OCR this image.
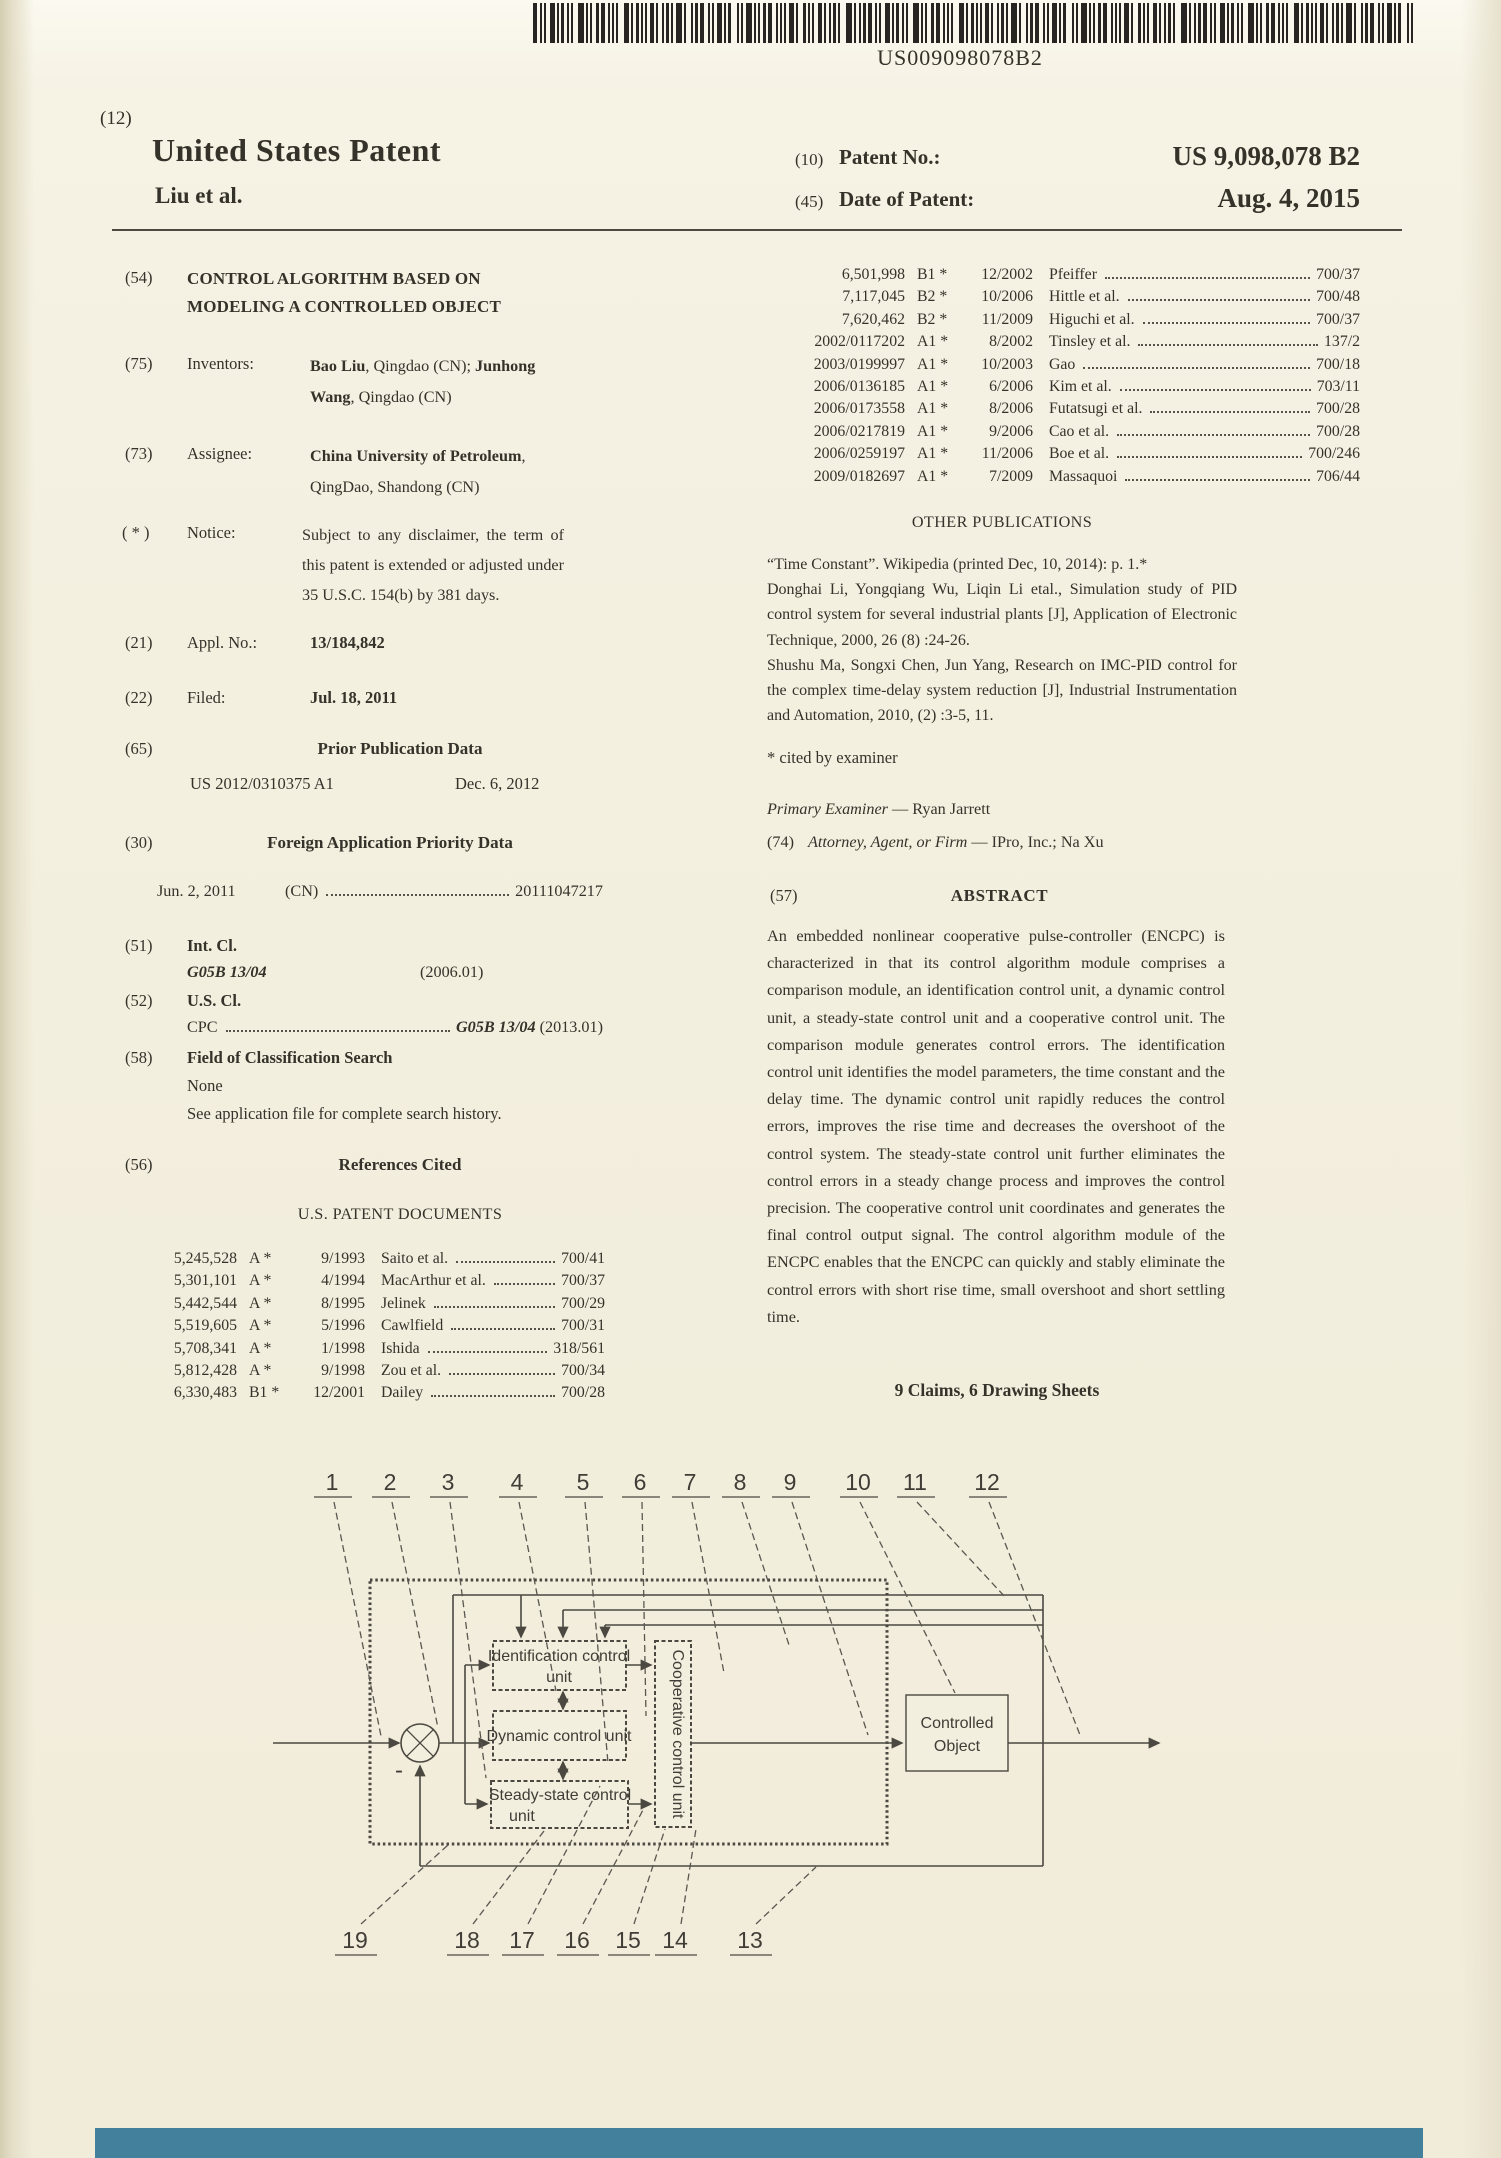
US009098078B2
(12)
United States Patent
Liu et al.
(10) Patent No.:	US 9,098,078 B2
(45) Date of Patent:	Aug. 4, 2015
(54) CONTROL ALGORITHM BASED ON
MODELING A CONTROLLED OBJECT
(75) Inventors:	Bao Liu, Qingdao (CN); Junhong Wang, Qingdao (CN)
(73) Assignee:	China University of Petroleum, QingDao, Shandong (CN)
( * ) Notice:	Subject to any disclaimer, the term of this patent is extended or adjusted under 35 U.S.C. 154(b) by 381 days.
(21) Appl. No.:	13/184,842
(22) Filed:	Jul. 18, 2011
(65)	Prior Publication Data
US 2012/0310375 A1	Dec. 6, 2012
(30)	Foreign Application Priority Data
Jun. 2, 2011	(CN)	20111047217
(51) Int. Cl.
G05B 13/04	(2006.01)
(52) U.S. Cl.
CPC	G05B 13/04 (2013.01)
(58) Field of Classification Search
None
See application file for complete search history.
(56)	References Cited
U.S. PATENT DOCUMENTS
5,245,528 A *	9/1993 Saito et al.	700/41
5,301,101 A *	4/1994 MacArthur et al.	700/37
5,442,544 A *	8/1995 Jelinek	700/29
5,519,605 A *	5/1996 Cawlfield	700/31
5,708,341 A *	1/1998 Ishida	318/561
5,812,428 A *	9/1998 Zou et al.	700/34
6,330,483 B1 *	12/2001 Dailey	700/28
6,501,998 B1 *	12/2002 Pfeiffer	700/37
7,117,045 B2 *	10/2006 Hittle et al.	700/48
7,620,462 B2 *	11/2009 Higuchi et al.	700/37
2002/0117202 A1 *	8/2002 Tinsley et al.	137/2
2003/0199997 A1 *	10/2003 Gao	700/18
2006/0136185 A1 *	6/2006 Kim et al.	703/11
2006/0173558 A1 *	8/2006 Futatsugi et al.	700/28
2006/0217819 A1 *	9/2006 Cao et al.	700/28
2006/0259197 A1 *	11/2006 Boe et al.	700/246
2009/0182697 A1 *	7/2009 Massaquoi	706/44
OTHER PUBLICATIONS

“Time Constant”. Wikipedia (printed Dec, 10, 2014): p. 1.*

Donghai Li, Yongqiang Wu, Liqin Li etal., Simulation study of PID control system for several industrial plants [J], Application of Electronic Technique, 2000, 26 (8) :24-26.

Shushu Ma, Songxi Chen, Jun Yang, Research on IMC-PID control for the complex time-delay system reduction [J], Industrial Instrumentation and Automation, 2010, (2) :3-5, 11.

* cited by examiner
Primary Examiner — Ryan Jarrett
(74) Attorney, Agent, or Firm — IPro, Inc.; Na Xu
(57)	ABSTRACT
An embedded nonlinear cooperative pulse-controller (ENCPC) is characterized in that its control algorithm module comprises a comparison module, an identification control unit, a dynamic control unit, a steady-state control unit and a cooperative control unit. The comparison module generates control errors. The identification control unit identifies the model parameters, the time constant and the delay time. The dynamic control unit rapidly reduces the control errors, improves the rise time and decreases the overshoot of the control system. The steady-state control unit further eliminates the control errors in a steady change process and improves the control precision. The cooperative control unit coordinates and generates the final control output signal. The control algorithm module of the ENCPC enables that the ENCPC can quickly and stably eliminate the control errors with short rise time, small overshoot and short settling time.
9 Claims, 6 Drawing Sheets
-
Identification control
unit
Dynamic control unit
Steady-state control
unit	Cooperative control unit	Controlled
Object
1 2 3 4 5 6 7 8 9 10 11 12
19	18 17 16 15 14 13
